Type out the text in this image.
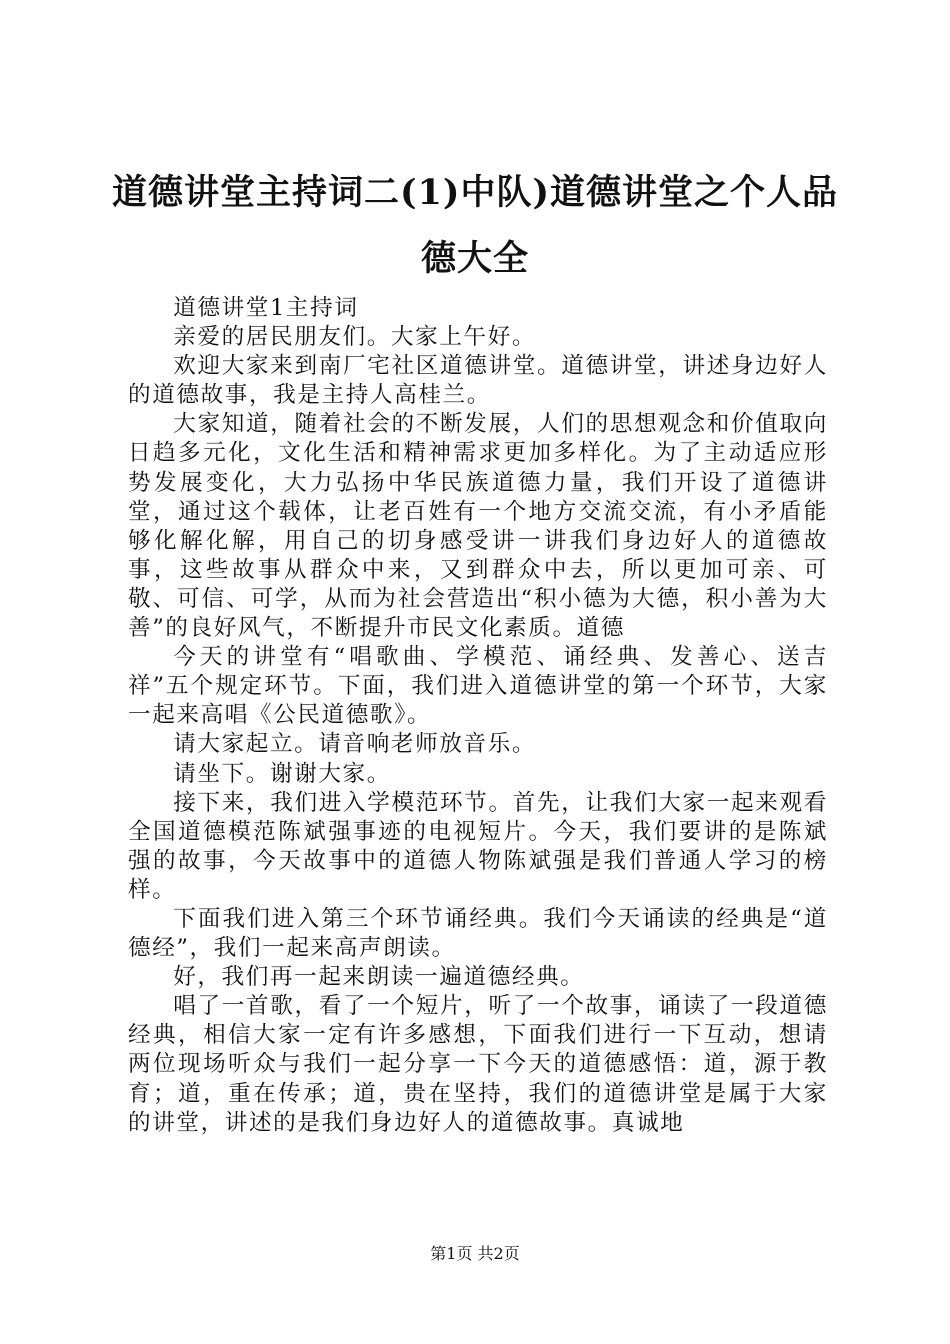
道德讲堂主持词二(1)中队)道德讲堂之个人品德大全

道德讲堂1主持词

亲爱的居民朋友们。大家上午好。

欢迎大家来到南厂宅社区道德讲堂。道德讲堂，讲述身边好人的道德故事，我是主持人高桂兰。

大家知道，随着社会的不断发展，人们的思想观念和价值取向日趋多元化，文化生活和精神需求更加多样化。为了主动适应形势发展变化，大力弘扬中华民族道德力量，我们开设了道德讲堂，通过这个载体，让老百姓有一个地方交流交流，有小矛盾能够化解化解，用自己的切身感受讲一讲我们身边好人的道德故事，这些故事从群众中来，又到群众中去，所以更加可亲、可敬、可信、可学，从而为社会营造出“积小德为大德，积小善为大善”的良好风气，不断提升市民文化素质。道德

今天的讲堂有“唱歌曲、学模范、诵经典、发善心、送吉祥”五个规定环节。下面，我们进入道德讲堂的第一个环节，大家一起来高唱《公民道德歌》。

请大家起立。请音响老师放音乐。

请坐下。谢谢大家。

接下来，我们进入学模范环节。首先，让我们大家一起来观看全国道德模范陈斌强事迹的电视短片。今天，我们要讲的是陈斌强的故事，今天故事中的道德人物陈斌强是我们普通人学习的榜样。

下面我们进入第三个环节诵经典。我们今天诵读的经典是“道德经”，我们一起来高声朗读。

好，我们再一起来朗读一遍道德经典。

唱了一首歌，看了一个短片，听了一个故事，诵读了一段道德经典，相信大家一定有许多感想，下面我们进行一下互动，想请两位现场听众与我们一起分享一下今天的道德感悟：道，源于教育；道，重在传承；道，贵在坚持，我们的道德讲堂是属于大家的讲堂，讲述的是我们身边好人的道德故事。真诚地

第1页 共2页
